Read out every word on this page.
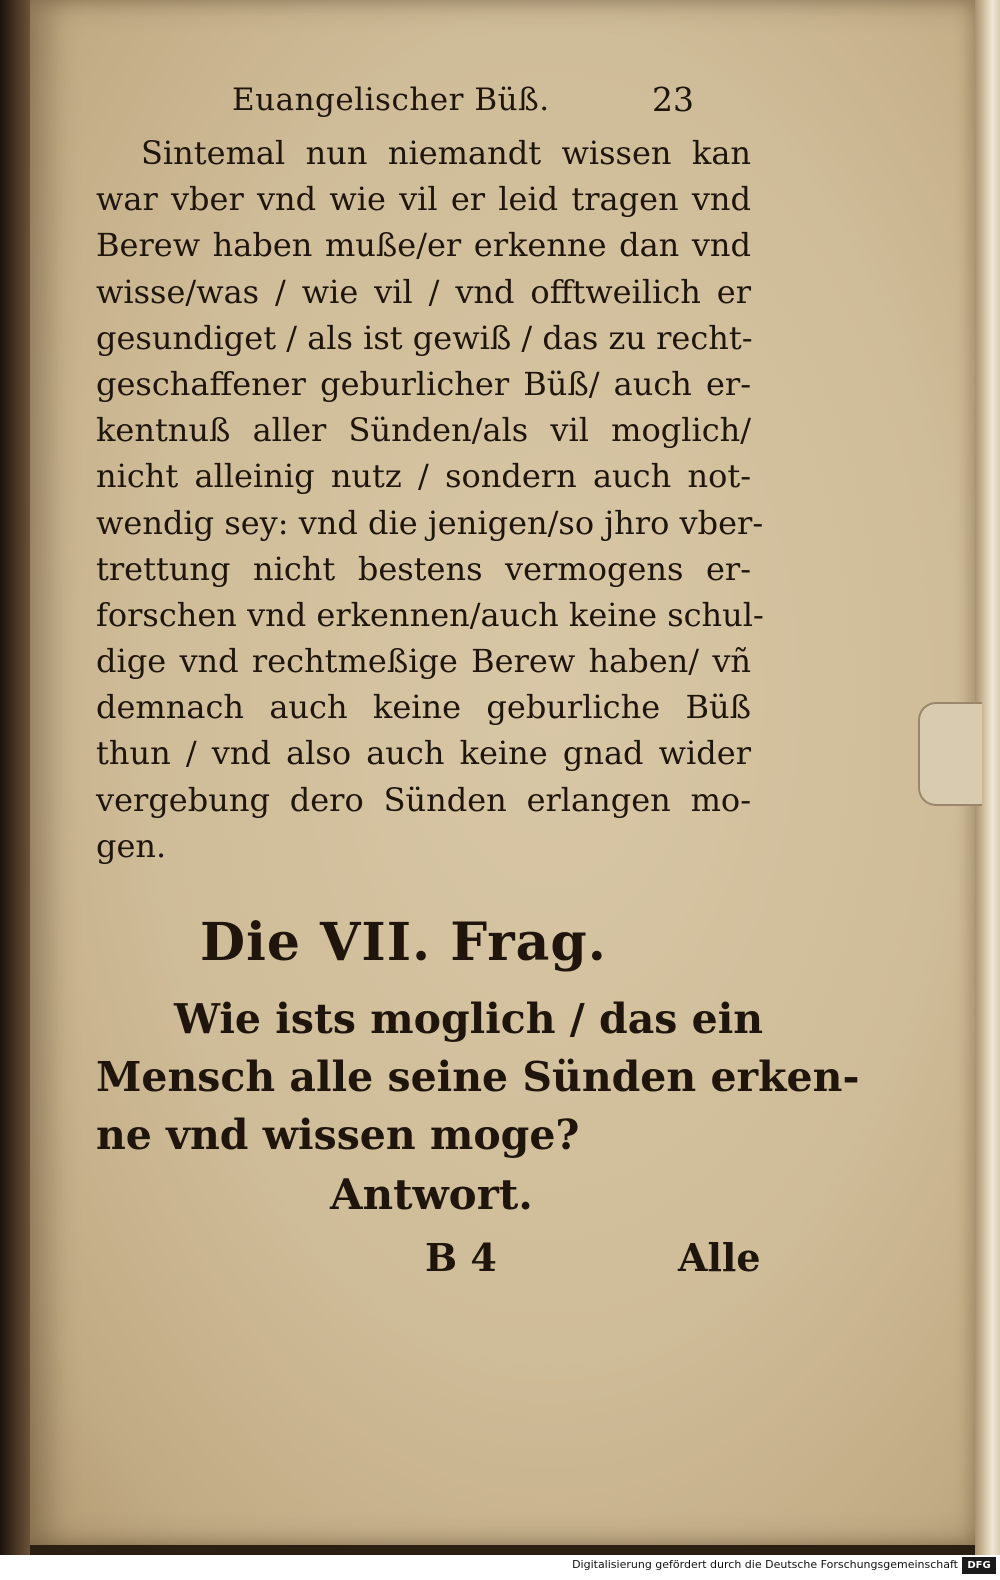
Euangelischer Büß.	23
Sintemal nun niemandt wissen kan
war vber vnd wie vil er leid tragen vnd
Berew haben mußе/er erkenne dan vnd
wisse/was / wie vil / vnd offtweilich er
gesundiget / als ist gewiß / das zu recht-
geschaffener geburlicher Büß/ auch er-
kentnuß aller Sünden/als vil moglich/
nicht alleinig nutz / sondern auch not-
wendig sey: vnd die jenigen/so jhro vber-
trettung nicht bestens vermogens er-
forschen vnd erkennen/auch keine schul-
dige vnd rechtmeßige Berew haben/ vñ
demnach auch keine geburliche Büß
thun / vnd also auch keine gnad wider
vergebung dero Sünden erlangen mo-
gen.
Die VII. Frag.
Wie ists moglich / das ein
Mensch alle seine Sünden erken-
ne vnd wissen moge?
Antwort.
B 4	Alle
Digitalisierung gefördert durch die Deutsche Forschungsgemeinschaft DFG
